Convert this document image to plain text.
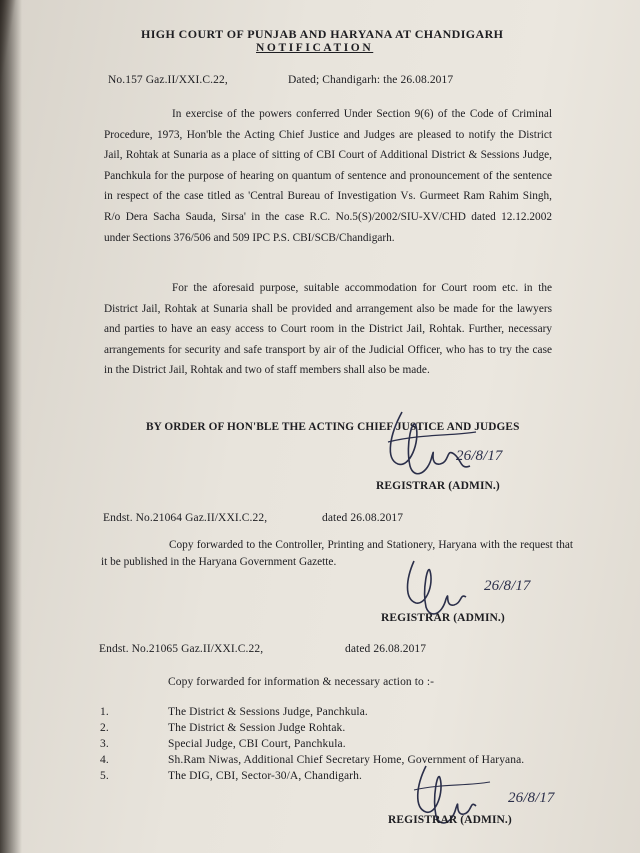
HIGH COURT OF PUNJAB AND HARYANA AT CHANDIGARH
NOTIFICATION
No.157 Gaz.II/XXI.C.22,	Dated; Chandigarh: the 26.08.2017
In exercise of the powers conferred Under Section 9(6) of the Code of Criminal Procedure, 1973, Hon'ble the Acting Chief Justice and Judges are pleased to notify the District Jail, Rohtak at Sunaria as a place of sitting of CBI Court of Additional District & Sessions Judge, Panchkula for the purpose of hearing on quantum of sentence and pronouncement of the sentence in respect of the case titled as 'Central Bureau of Investigation Vs. Gurmeet Ram Rahim Singh, R/o Dera Sacha Sauda, Sirsa' in the case R.C. No.5(S)/2002/SIU-XV/CHD dated 12.12.2002 under Sections 376/506 and 509 IPC P.S. CBI/SCB/Chandigarh.
For the aforesaid purpose, suitable accommodation for Court room etc. in the District Jail, Rohtak at Sunaria shall be provided and arrangement also be made for the lawyers and parties to have an easy access to Court room in the District Jail, Rohtak. Further, necessary arrangements for security and safe transport by air of the Judicial Officer, who has to try the case in the District Jail, Rohtak and two of staff members shall also be made.
BY ORDER OF HON'BLE THE ACTING CHIEF JUSTICE AND JUDGES
26/8/17
REGISTRAR (ADMIN.)
Endst. No.21064 Gaz.II/XXI.C.22,	dated 26.08.2017
Copy forwarded to the Controller, Printing and Stationery, Haryana with the request that it be published in the Haryana Government Gazette.
26/8/17
REGISTRAR (ADMIN.)
Endst. No.21065 Gaz.II/XXI.C.22,	dated 26.08.2017
Copy forwarded for information & necessary action to :-
1.	The District & Sessions Judge, Panchkula.
2.	The District & Session Judge Rohtak.
3.	Special Judge, CBI Court, Panchkula.
4.	Sh.Ram Niwas, Additional Chief Secretary Home, Government of Haryana.
5.	The DIG, CBI, Sector-30/A, Chandigarh.
26/8/17
REGISTRAR (ADMIN.)
